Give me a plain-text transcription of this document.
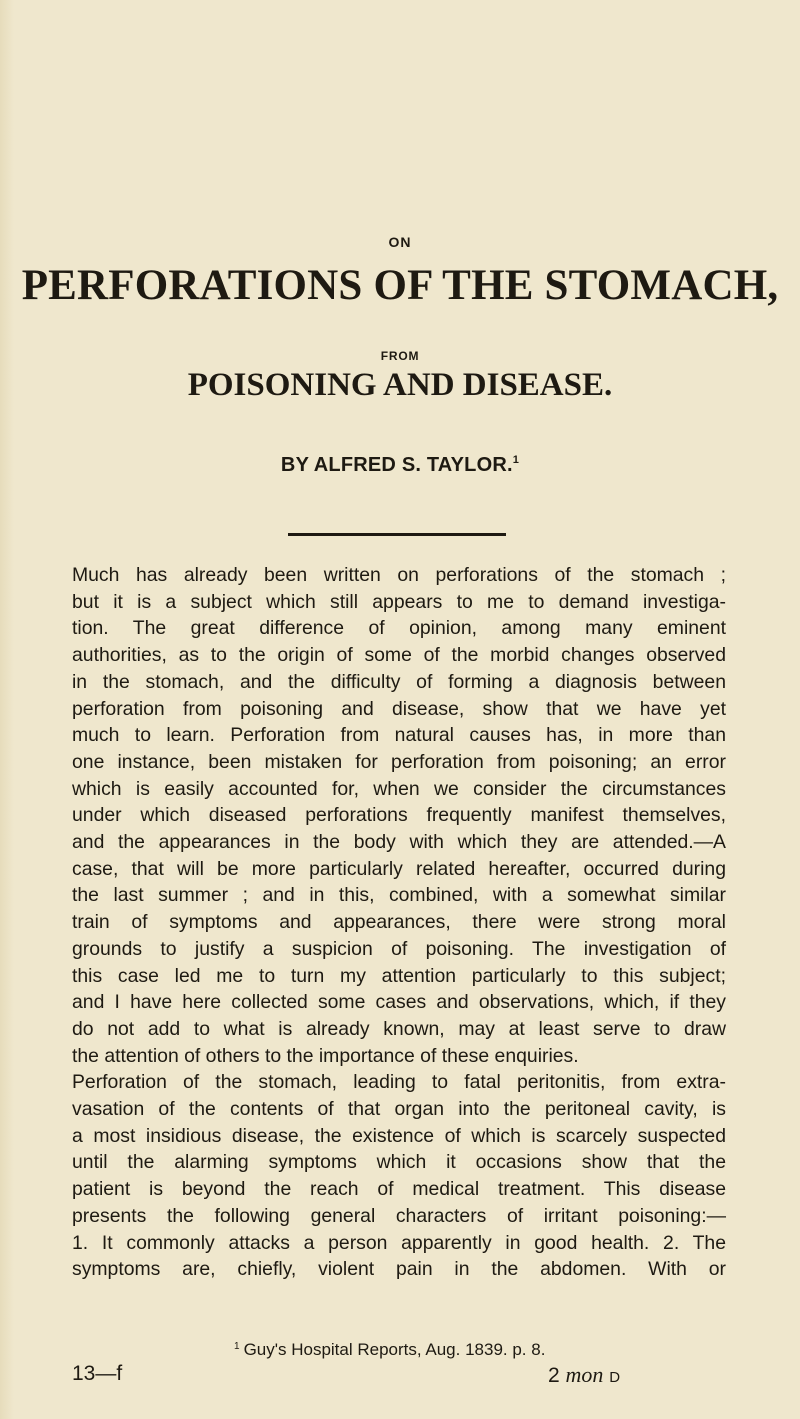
ON
PERFORATIONS OF THE STOMACH,
FROM
POISONING AND DISEASE.
BY ALFRED S. TAYLOR.$^1$
Much has already been written on perforations of the stomach ;
but it is a subject which still appears to me to demand investiga-
tion. The great difference of opinion, among many eminent
authorities, as to the origin of some of the morbid changes observed
in the stomach, and the difficulty of forming a diagnosis between
perforation from poisoning and disease, show that we have yet
much to learn. Perforation from natural causes has, in more than
one instance, been mistaken for perforation from poisoning; an error
which is easily accounted for, when we consider the circumstances
under which diseased perforations frequently manifest themselves,
and the appearances in the body with which they are attended.—A
case, that will be more particularly related hereafter, occurred during
the last summer ; and in this, combined, with a somewhat similar
train of symptoms and appearances, there were strong moral
grounds to justify a suspicion of poisoning. The investigation of
this case led me to turn my attention particularly to this subject;
and I have here collected some cases and observations, which, if they
do not add to what is already known, may at least serve to draw
the attention of others to the importance of these enquiries.
Perforation of the stomach, leading to fatal peritonitis, from extra-
vasation of the contents of that organ into the peritoneal cavity, is
a most insidious disease, the existence of which is scarcely suspected
until the alarming symptoms which it occasions show that the
patient is beyond the reach of medical treatment. This disease
presents the following general characters of irritant poisoning:—
1. It commonly attacks a person apparently in good health. 2. The
symptoms are, chiefly, violent pain in the abdomen. With or
$^1$ Guy's Hospital Reports, Aug. 1839. p. 8.
13—f	2 mon D
